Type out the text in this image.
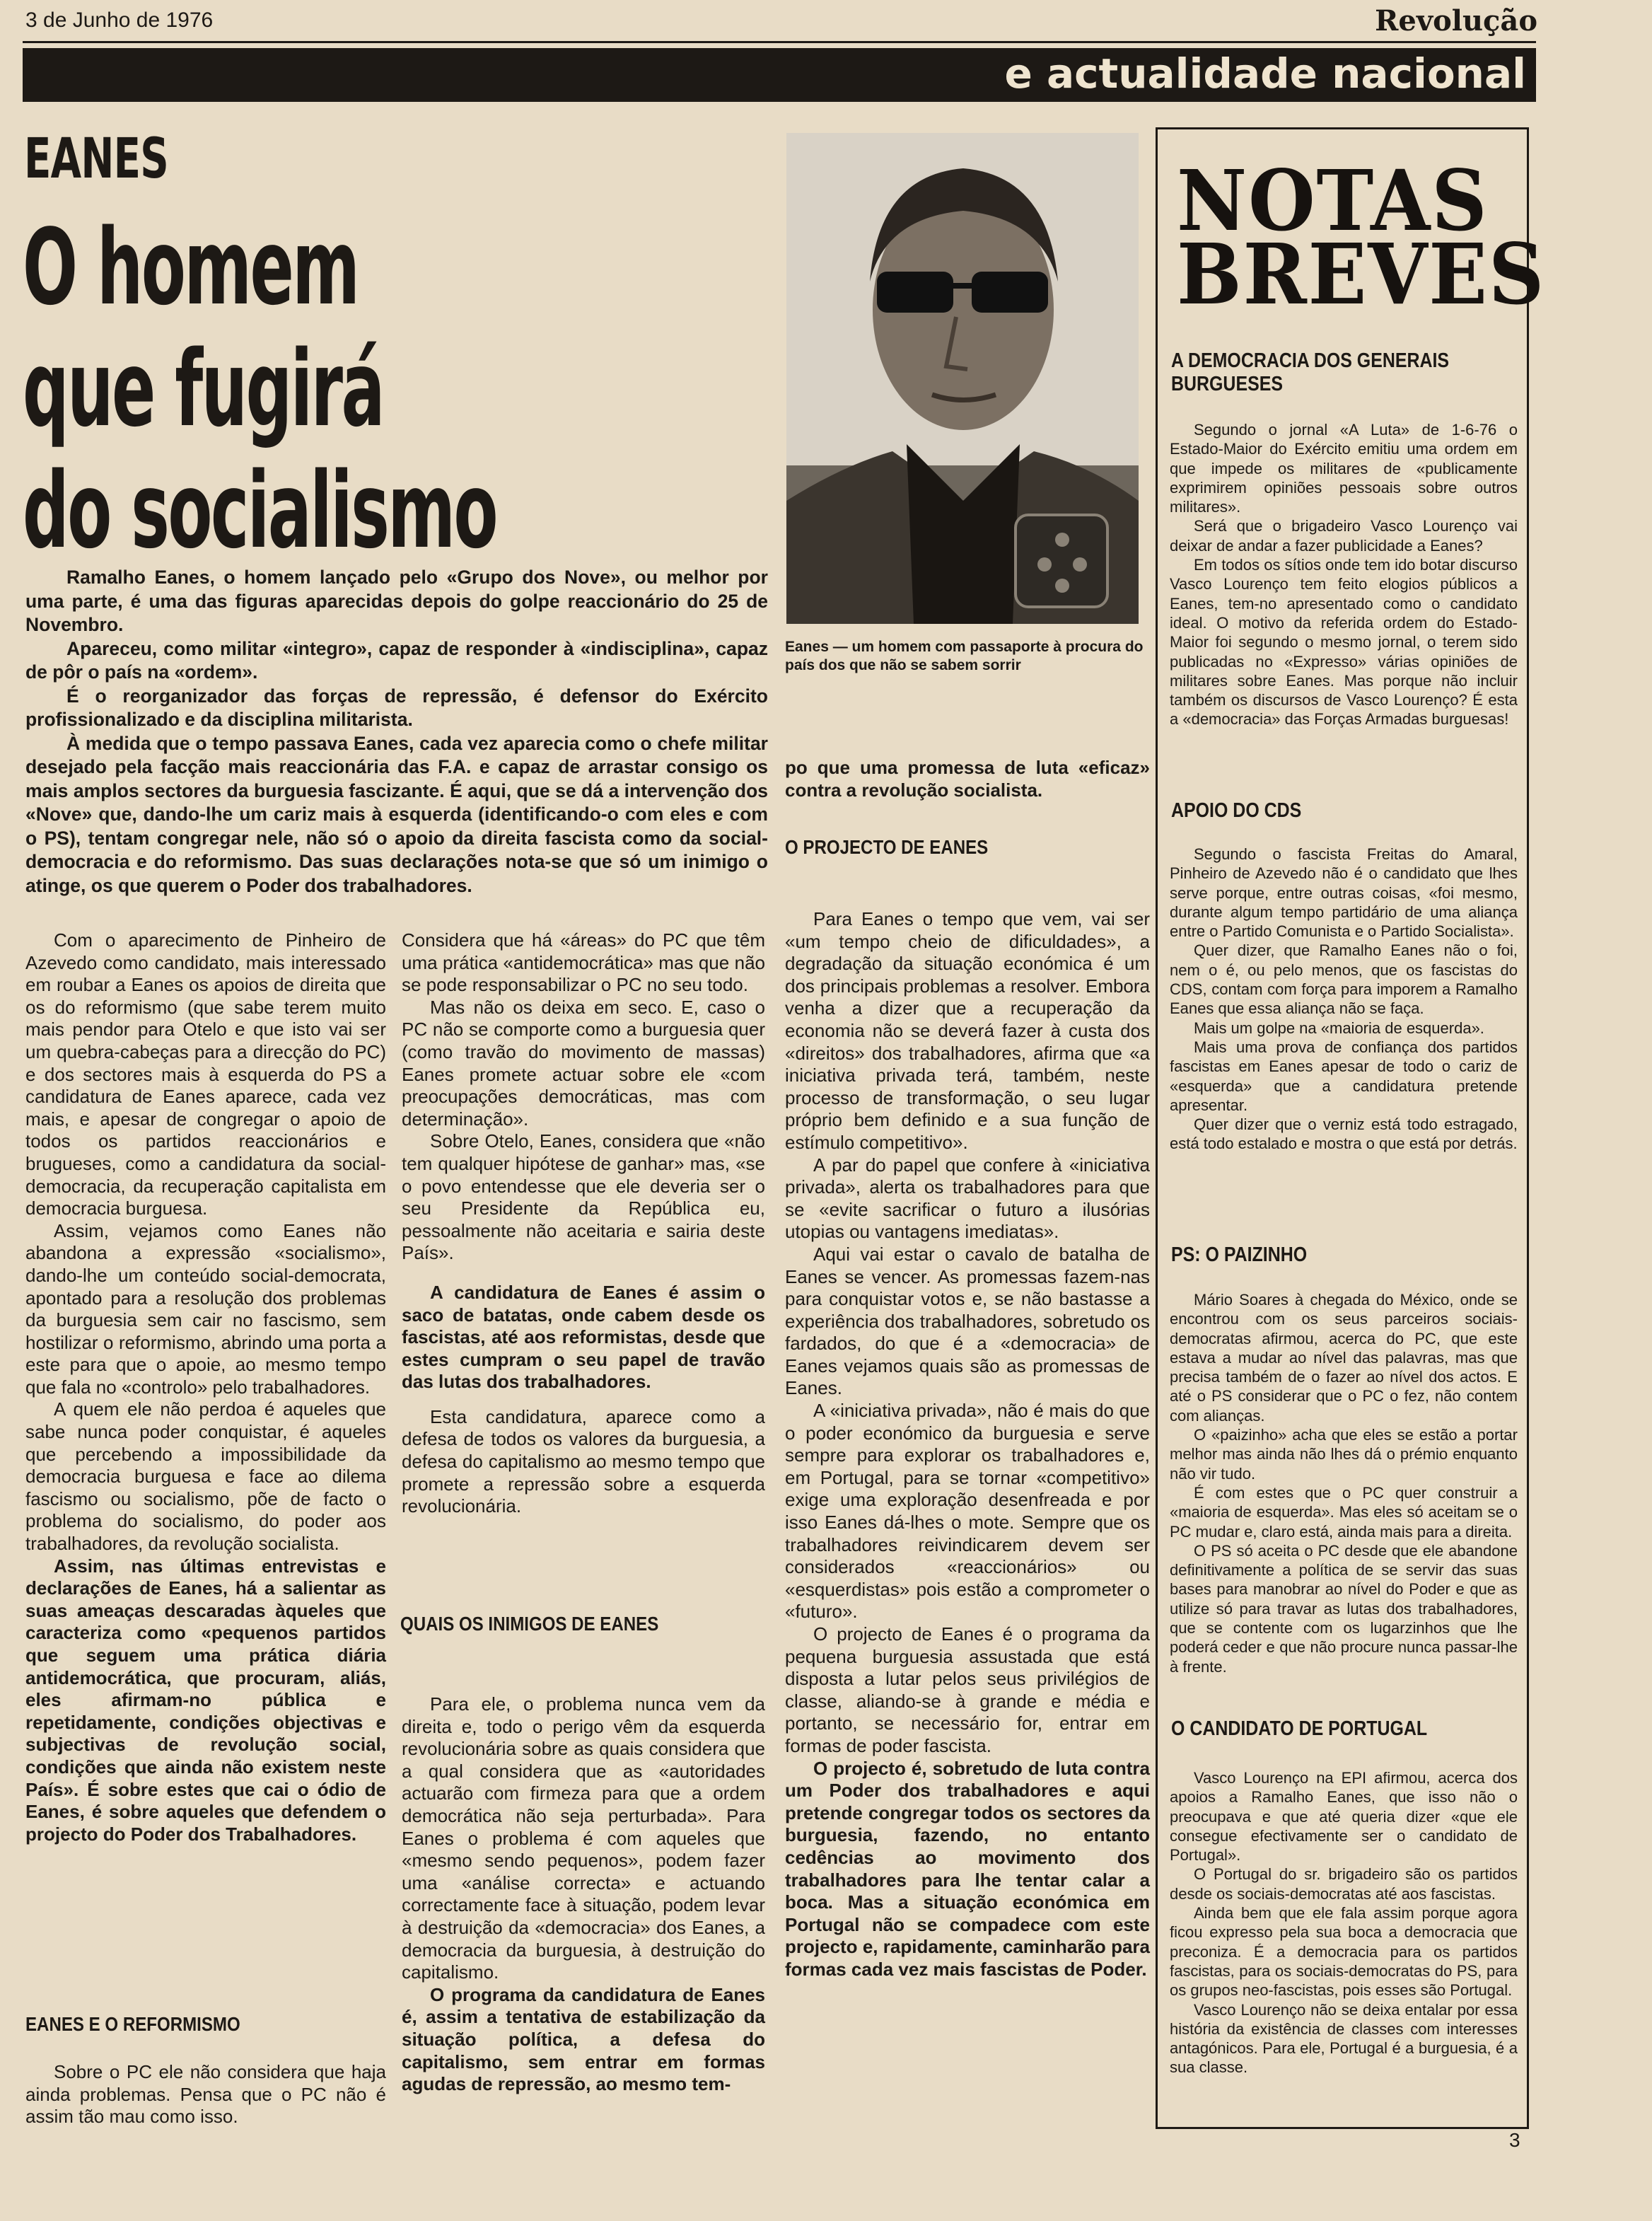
3 de Junho de 1976	Revolução
e actualidade nacional
EANES
O homem
que fugirá
do socialismo

Ramalho Eanes, o homem lançado pelo «Grupo dos Nove», ou melhor por uma parte, é uma das figuras aparecidas depois do golpe reaccionário do 25 de Novembro.

Apareceu, como militar «integro», capaz de responder à «indisciplina», capaz de pôr o país na «ordem».

É o reorganizador das forças de repressão, é defensor do Exército profissionalizado e da disciplina militarista.

À medida que o tempo passava Eanes, cada vez aparecia como o chefe militar desejado pela facção mais reaccionária das F.A. e capaz de arrastar consigo os mais amplos sectores da burguesia fascizante. É aqui, que se dá a intervenção dos «Nove» que, dando-lhe um cariz mais à esquerda (identificando-o com eles e com o PS), tentam congregar nele, não só o apoio da direita fascista como da social-democracia e do reformismo. Das suas declarações nota-se que só um inimigo o atinge, os que querem o Poder dos trabalhadores.

Com o aparecimento de Pinheiro de Azevedo como candidato, mais interessado em roubar a Eanes os apoios de direita que os do reformismo (que sabe terem muito mais pendor para Otelo e que isto vai ser um quebra-cabeças para a direcção do PC) e dos sectores mais à esquerda do PS a candidatura de Eanes aparece, cada vez mais, e apesar de congregar o apoio de todos os partidos reaccionários e brugueses, como a candidatura da social-democracia, da recuperação capitalista em democracia burguesa.

Assim, vejamos como Eanes não abandona a expressão «socialismo», dando-lhe um conteúdo social-democrata, apontado para a resolução dos problemas da burguesia sem cair no fascismo, sem hostilizar o reformismo, abrindo uma porta a este para que o apoie, ao mesmo tempo que fala no «controlo» pelo trabalhadores.

A quem ele não perdoa é aqueles que sabe nunca poder conquistar, é aqueles que percebendo a impossibilidade da democracia burguesa e face ao dilema fascismo ou socialismo, põe de facto o problema do socialismo, do poder aos trabalhadores, da revolução socialista.

Assim, nas últimas entrevistas e declarações de Eanes, há a salientar as suas ameaças descaradas àqueles que caracteriza como «pequenos partidos que seguem uma prática diária antidemocrática, que procuram, aliás, eles afirmam-no pública e repetidamente, condições objectivas e subjectivas de revolução social, condições que ainda não existem neste País». É sobre estes que cai o ódio de Eanes, é sobre aqueles que defendem o projecto do Poder dos Trabalhadores.

EANES E O REFORMISMO

Sobre o PC ele não considera que haja ainda problemas. Pensa que o PC não é assim tão mau como isso.

Considera que há «áreas» do PC que têm uma prática «antidemocrática» mas que não se pode responsabilizar o PC no seu todo.

Mas não os deixa em seco. E, caso o PC não se comporte como a burguesia quer (como travão do movimento de massas) Eanes promete actuar sobre ele «com preocupações democráticas, mas com determinação».

Sobre Otelo, Eanes, considera que «não tem qualquer hipótese de ganhar» mas, «se o povo entendesse que ele deveria ser o seu Presidente da República eu, pessoalmente não aceitaria e sairia deste País».

A candidatura de Eanes é assim o saco de batatas, onde cabem desde os fascistas, até aos reformistas, desde que estes cumpram o seu papel de travão das lutas dos trabalhadores.

Esta candidatura, aparece como a defesa de todos os valores da burguesia, a defesa do capitalismo ao mesmo tempo que promete a repressão sobre a esquerda revolucionária.

QUAIS OS INIMIGOS DE EANES

Para ele, o problema nunca vem da direita e, todo o perigo vêm da esquerda revolucionária sobre as quais considera que a qual considera que as «autoridades actuarão com firmeza para que a ordem democrática não seja perturbada». Para Eanes o problema é com aqueles que «mesmo sendo pequenos», podem fazer uma «análise correcta» e actuando correctamente face à situação, podem levar à destruição da «democracia» dos Eanes, a democracia da burguesia, à destruição do capitalismo.

O programa da candidatura de Eanes é, assim a tentativa de estabilização da situação política, a defesa do capitalismo, sem entrar em formas agudas de repressão, ao mesmo tem-

Eanes — um homem com passaporte à procura do país dos que não se sabem sorrir

po que uma promessa de luta «eficaz» contra a revolução socialista.

O PROJECTO DE EANES

Para Eanes o tempo que vem, vai ser «um tempo cheio de dificuldades», a degradação da situação económica é um dos principais problemas a resolver. Embora venha a dizer que a recuperação da economia não se deverá fazer à custa dos «direitos» dos trabalhadores, afirma que «a iniciativa privada terá, também, neste processo de transformação, o seu lugar próprio bem definido e a sua função de estímulo competitivo».

A par do papel que confere à «iniciativa privada», alerta os trabalhadores para que se «evite sacrificar o futuro a ilusórias utopias ou vantagens imediatas».

Aqui vai estar o cavalo de batalha de Eanes se vencer. As promessas fazem-nas para conquistar votos e, se não bastasse a experiência dos trabalhadores, sobretudo os fardados, do que é a «democracia» de Eanes vejamos quais são as promessas de Eanes.

A «iniciativa privada», não é mais do que o poder económico da burguesia e serve sempre para explorar os trabalhadores e, em Portugal, para se tornar «competitivo» exige uma exploração desenfreada e por isso Eanes dá-lhes o mote. Sempre que os trabalhadores reivindicarem devem ser considerados «reaccionários» ou «esquerdistas» pois estão a comprometer o «futuro».

O projecto de Eanes é o programa da pequena burguesia assustada que está disposta a lutar pelos seus privilégios de classe, aliando-se à grande e média e portanto, se necessário for, entrar em formas de poder fascista.

O projecto é, sobretudo de luta contra um Poder dos trabalhadores e aqui pretende congregar todos os sectores da burguesia, fazendo, no entanto cedências ao movimento dos trabalhadores para lhe tentar calar a boca. Mas a situação económica em Portugal não se compadece com este projecto e, rapidamente, caminharão para formas cada vez mais fascistas de Poder.

NOTAS
BREVES
A DEMOCRACIA DOS GENERAIS BURGUESES

Segundo o jornal «A Luta» de 1-6-76 o Estado-Maior do Exército emitiu uma ordem em que impede os militares de «publicamente exprimirem opiniões pessoais sobre outros militares».

Será que o brigadeiro Vasco Lourenço vai deixar de andar a fazer publicidade a Eanes?

Em todos os sítios onde tem ido botar discurso Vasco Lourenço tem feito elogios públicos a Eanes, tem-no apresentado como o candidato ideal. O motivo da referida ordem do Estado-Maior foi segundo o mesmo jornal, o terem sido publicadas no «Expresso» várias opiniões de militares sobre Eanes. Mas porque não incluir também os discursos de Vasco Lourenço? É esta a «democracia» das Forças Armadas burguesas!

APOIO DO CDS

Segundo o fascista Freitas do Amaral, Pinheiro de Azevedo não é o candidato que lhes serve porque, entre outras coisas, «foi mesmo, durante algum tempo partidário de uma aliança entre o Partido Comunista e o Partido Socialista».

Quer dizer, que Ramalho Eanes não o foi, nem o é, ou pelo menos, que os fascistas do CDS, contam com força para imporem a Ramalho Eanes que essa aliança não se faça.

Mais um golpe na «maioria de esquerda».

Mais uma prova de confiança dos partidos fascistas em Eanes apesar de todo o cariz de «esquerda» que a candidatura pretende apresentar.

Quer dizer que o verniz está todo estragado, está todo estalado e mostra o que está por detrás.

PS: O PAIZINHO

Mário Soares à chegada do México, onde se encontrou com os seus parceiros sociais-democratas afirmou, acerca do PC, que este estava a mudar ao nível das palavras, mas que precisa também de o fazer ao nível dos actos. E até o PS considerar que o PC o fez, não contem com alianças.

O «paizinho» acha que eles se estão a portar melhor mas ainda não lhes dá o prémio enquanto não vir tudo.

É com estes que o PC quer construir a «maioria de esquerda». Mas eles só aceitam se o PC mudar e, claro está, ainda mais para a direita.

O PS só aceita o PC desde que ele abandone definitivamente a política de se servir das suas bases para manobrar ao nível do Poder e que as utilize só para travar as lutas dos trabalhadores, que se contente com os lugarzinhos que lhe poderá ceder e que não procure nunca passar-lhe à frente.

O CANDIDATO DE PORTUGAL

Vasco Lourenço na EPI afirmou, acerca dos apoios a Ramalho Eanes, que isso não o preocupava e que até queria dizer «que ele consegue efectivamente ser o candidato de Portugal».

O Portugal do sr. brigadeiro são os partidos desde os sociais-democratas até aos fascistas.

Ainda bem que ele fala assim porque agora ficou expresso pela sua boca a democracia que preconiza. É a democracia para os partidos fascistas, para os sociais-democratas do PS, para os grupos neo-fascistas, pois esses são Portugal.

Vasco Lourenço não se deixa entalar por essa história da existência de classes com interesses antagónicos. Para ele, Portugal é a burguesia, é a sua classe.

3
